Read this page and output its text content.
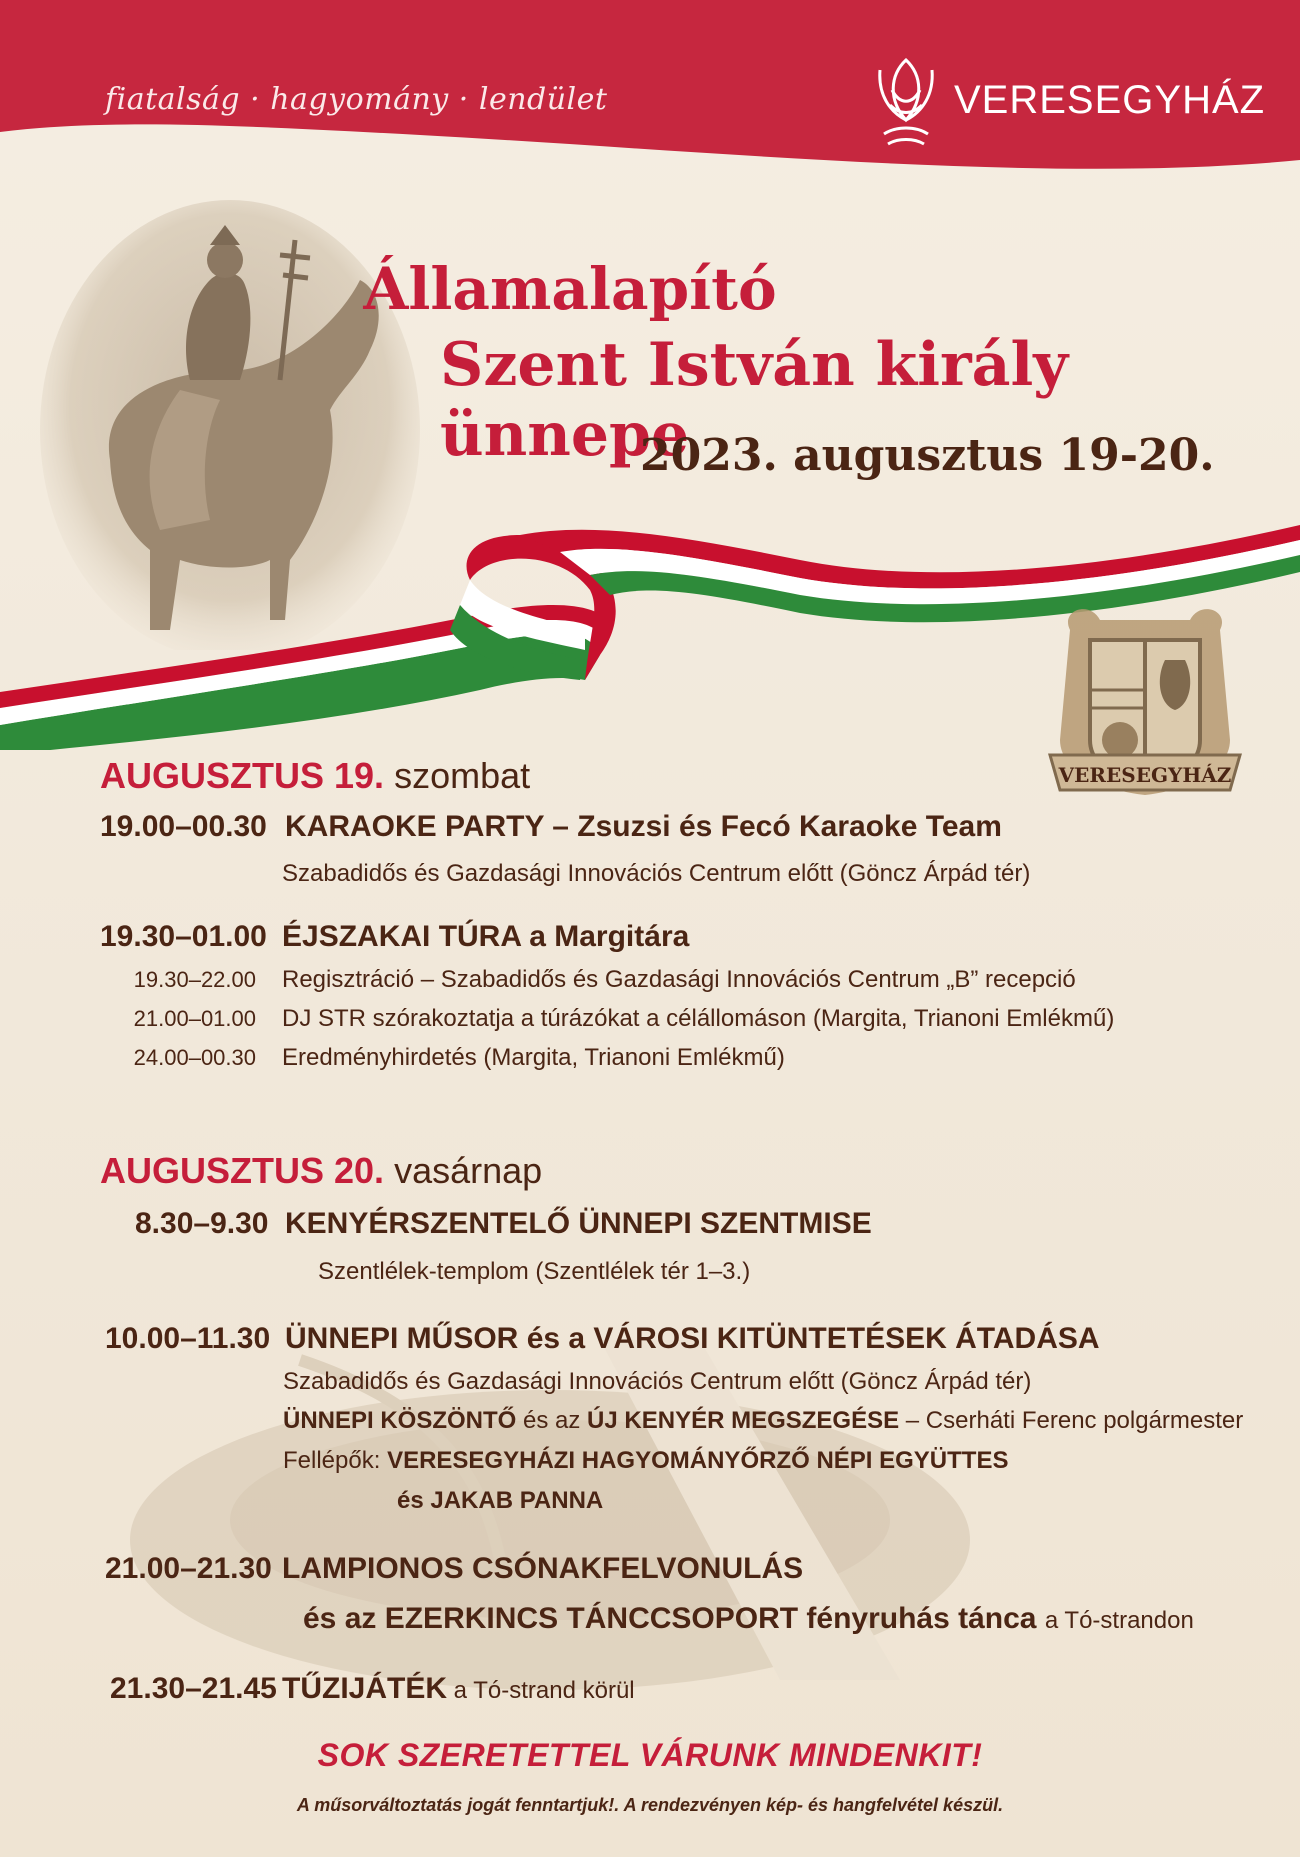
fiatalság · hagyomány · lendület	VERESEGYHÁZ
Államalapító
Szent István király ünnepe
2023. augusztus 19-20.
VERESEGYHÁZ
AUGUSZTUS 19. szombat
19.00–00.30 KARAOKE PARTY – Zsuzsi és Fecó Karaoke Team
Szabadidős és Gazdasági Innovációs Centrum előtt (Göncz Árpád tér)
19.30–01.00 ÉJSZAKAI TÚRA a Margitára
19.30–22.00 Regisztráció – Szabadidős és Gazdasági Innovációs Centrum „B” recepció
21.00–01.00 DJ STR szórakoztatja a túrázókat a célállomáson (Margita, Trianoni Emlékmű)
24.00–00.30 Eredményhirdetés (Margita, Trianoni Emlékmű)
AUGUSZTUS 20. vasárnap
8.30–9.30 KENYÉRSZENTELŐ ÜNNEPI SZENTMISE
Szentlélek-templom (Szentlélek tér 1–3.)
10.00–11.30 ÜNNEPI MŰSOR és a VÁROSI KITÜNTETÉSEK ÁTADÁSA
Szabadidős és Gazdasági Innovációs Centrum előtt (Göncz Árpád tér)
ÜNNEPI KÖSZÖNTŐ és az ÚJ KENYÉR MEGSZEGÉSE – Cserháti Ferenc polgármester
Fellépők: VERESEGYHÁZI HAGYOMÁNYŐRZŐ NÉPI EGYÜTTES
és JAKAB PANNA
21.00–21.30 LAMPIONOS CSÓNAKFELVONULÁS
és az EZERKINCS TÁNCCSOPORT fényruhás tánca a Tó-strandon
21.30–21.45 TŰZIJÁTÉK a Tó-strand körül
SOK SZERETETTEL VÁRUNK MINDENKIT!
A műsorváltoztatás jogát fenntartjuk!. A rendezvényen kép- és hangfelvétel készül.
